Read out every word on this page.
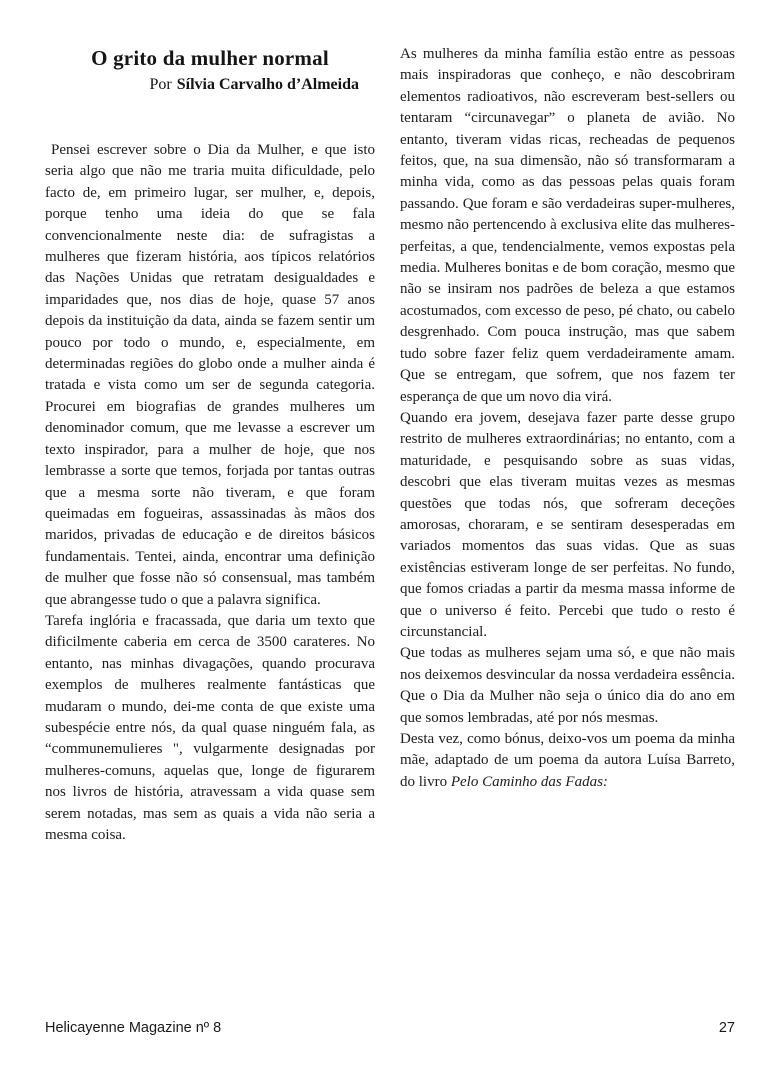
O grito da mulher normal
Por Sílvia Carvalho d’Almeida

Pensei escrever sobre o Dia da Mulher, e que isto seria algo que não me traria muita dificuldade, pelo facto de, em primeiro lugar, ser mulher, e, depois, porque tenho uma ideia do que se fala convencionalmente neste dia: de sufragistas a mulheres que fizeram história, aos típicos relatórios das Nações Unidas que retratam desigualdades e imparidades que, nos dias de hoje, quase 57 anos depois da instituição da data, ainda se fazem sentir um pouco por todo o mundo, e, especialmente, em determinadas regiões do globo onde a mulher ainda é tratada e vista como um ser de segunda categoria. Procurei em biografias de grandes mulheres um denominador comum, que me levasse a escrever um texto inspirador, para a mulher de hoje, que nos lembrasse a sorte que temos, forjada por tantas outras que a mesma sorte não tiveram, e que foram queimadas em fogueiras, assassinadas às mãos dos maridos, privadas de educação e de direitos básicos fundamentais. Tentei, ainda, encontrar uma definição de mulher que fosse não só consensual, mas também que abrangesse tudo o que a palavra significa.

Tarefa inglória e fracassada, que daria um texto que dificilmente caberia em cerca de 3500 carateres. No entanto, nas minhas divagações, quando procurava exemplos de mulheres realmente fantásticas que mudaram o mundo, dei-me conta de que existe uma subespécie entre nós, da qual quase ninguém fala, as “communemulieres ", vulgarmente designadas por mulheres-comuns, aquelas que, longe de figurarem nos livros de história, atravessam a vida quase sem serem notadas, mas sem as quais a vida não seria a mesma coisa.

As mulheres da minha família estão entre as pessoas mais inspiradoras que conheço, e não descobriram elementos radioativos, não escreveram best-sellers ou tentaram “circunavegar” o planeta de avião. No entanto, tiveram vidas ricas, recheadas de pequenos feitos, que, na sua dimensão, não só transformaram a minha vida, como as das pessoas pelas quais foram passando. Que foram e são verdadeiras super-mulheres, mesmo não pertencendo à exclusiva elite das mulheres-perfeitas, a que, tendencialmente, vemos expostas pela media. Mulheres bonitas e de bom coração, mesmo que não se insiram nos padrões de beleza a que estamos acostumados, com excesso de peso, pé chato, ou cabelo desgrenhado. Com pouca instrução, mas que sabem tudo sobre fazer feliz quem verdadeiramente amam. Que se entregam, que sofrem, que nos fazem ter esperança de que um novo dia virá.

Quando era jovem, desejava fazer parte desse grupo restrito de mulheres extraordinárias; no entanto, com a maturidade, e pesquisando sobre as suas vidas, descobri que elas tiveram muitas vezes as mesmas questões que todas nós, que sofreram deceções amorosas, choraram, e se sentiram desesperadas em variados momentos das suas vidas. Que as suas existências estiveram longe de ser perfeitas. No fundo, que fomos criadas a partir da mesma massa informe de que o universo é feito. Percebi que tudo o resto é circunstancial.

Que todas as mulheres sejam uma só, e que não mais nos deixemos desvincular da nossa verdadeira essência. Que o Dia da Mulher não seja o único dia do ano em que somos lembradas, até por nós mesmas.

Desta vez, como bónus, deixo-vos um poema da minha mãe, adaptado de um poema da autora Luísa Barreto, do livro Pelo Caminho das Fadas:

Helicayenne Magazine nº 8	27
